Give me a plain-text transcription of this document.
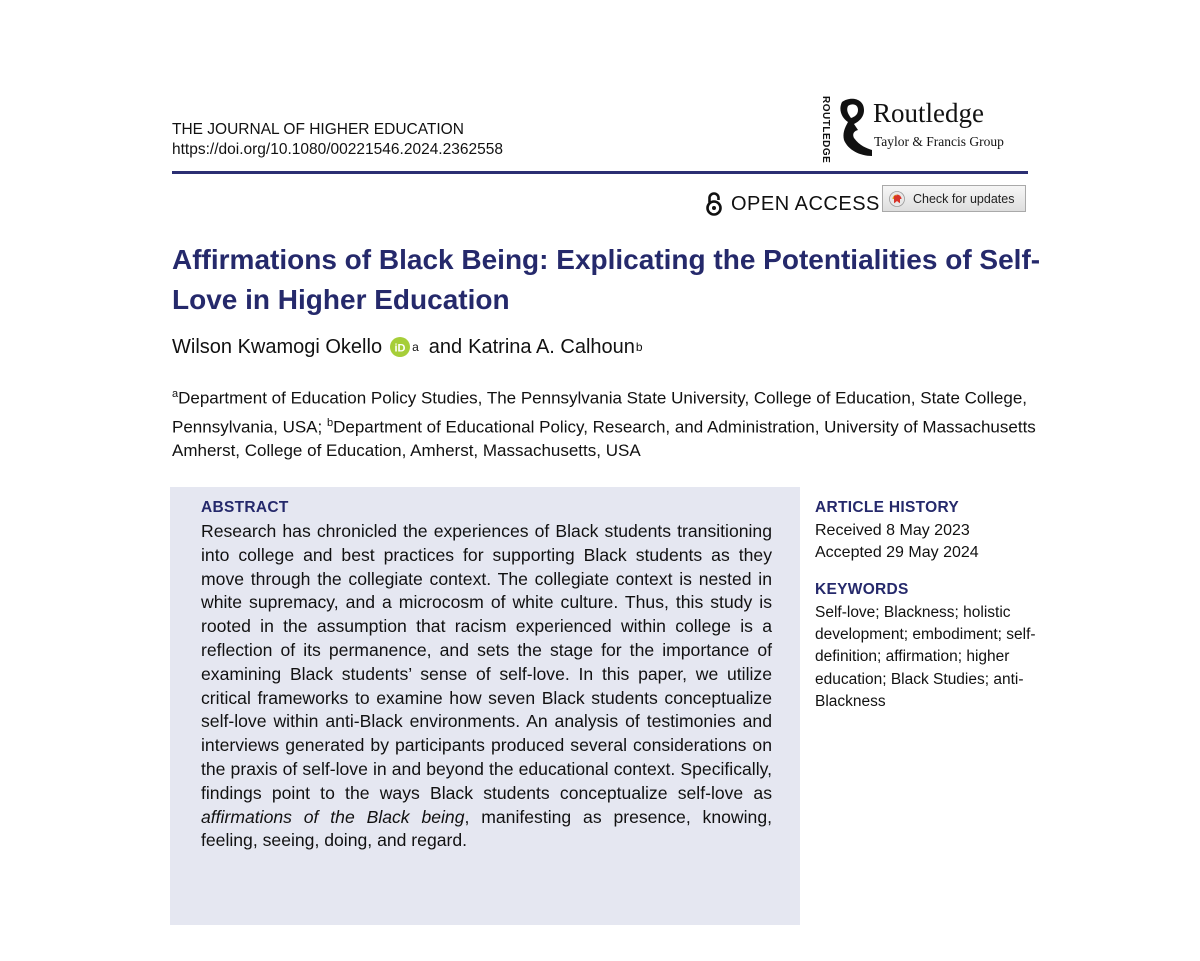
THE JOURNAL OF HIGHER EDUCATION
https://doi.org/10.1080/00221546.2024.2362558	ROUTLEDGE Routledge
Taylor & Francis Group
OPEN ACCESS	Check for updates
Affirmations of Black Being: Explicating the Potentialities of Self-Love in Higher Education
Wilson Kwamogi Okello iD a and Katrina A. Calhoun b
$^a$Department of Education Policy Studies, The Pennsylvania State University, College of Education, State College, Pennsylvania, USA; $^b$Department of Educational Policy, Research, and Administration, University of Massachusetts Amherst, College of Education, Amherst, Massachusetts, USA
ABSTRACT
Research has chronicled the experiences of Black students transitioning into college and best practices for supporting Black students as they move through the collegiate context. The collegiate context is nested in white supremacy, and a microcosm of white culture. Thus, this study is rooted in the assumption that racism experienced within college is a reflection of its permanence, and sets the stage for the importance of examining Black students’ sense of self-love. In this paper, we utilize critical frameworks to examine how seven Black students conceptualize self-love within anti-Black environments. An analysis of testimonies and interviews generated by participants produced several considerations on the praxis of self-love in and beyond the educational context. Specifically, findings point to the ways Black students conceptualize self-love as affirmations of the Black being, manifesting as presence, knowing, feeling, seeing, doing, and regard.
ARTICLE HISTORY
Received 8 May 2023
Accepted 29 May 2024
KEYWORDS
Self-love; Blackness; holistic development; embodiment; self-definition; affirmation; higher education; Black Studies; anti-Blackness
